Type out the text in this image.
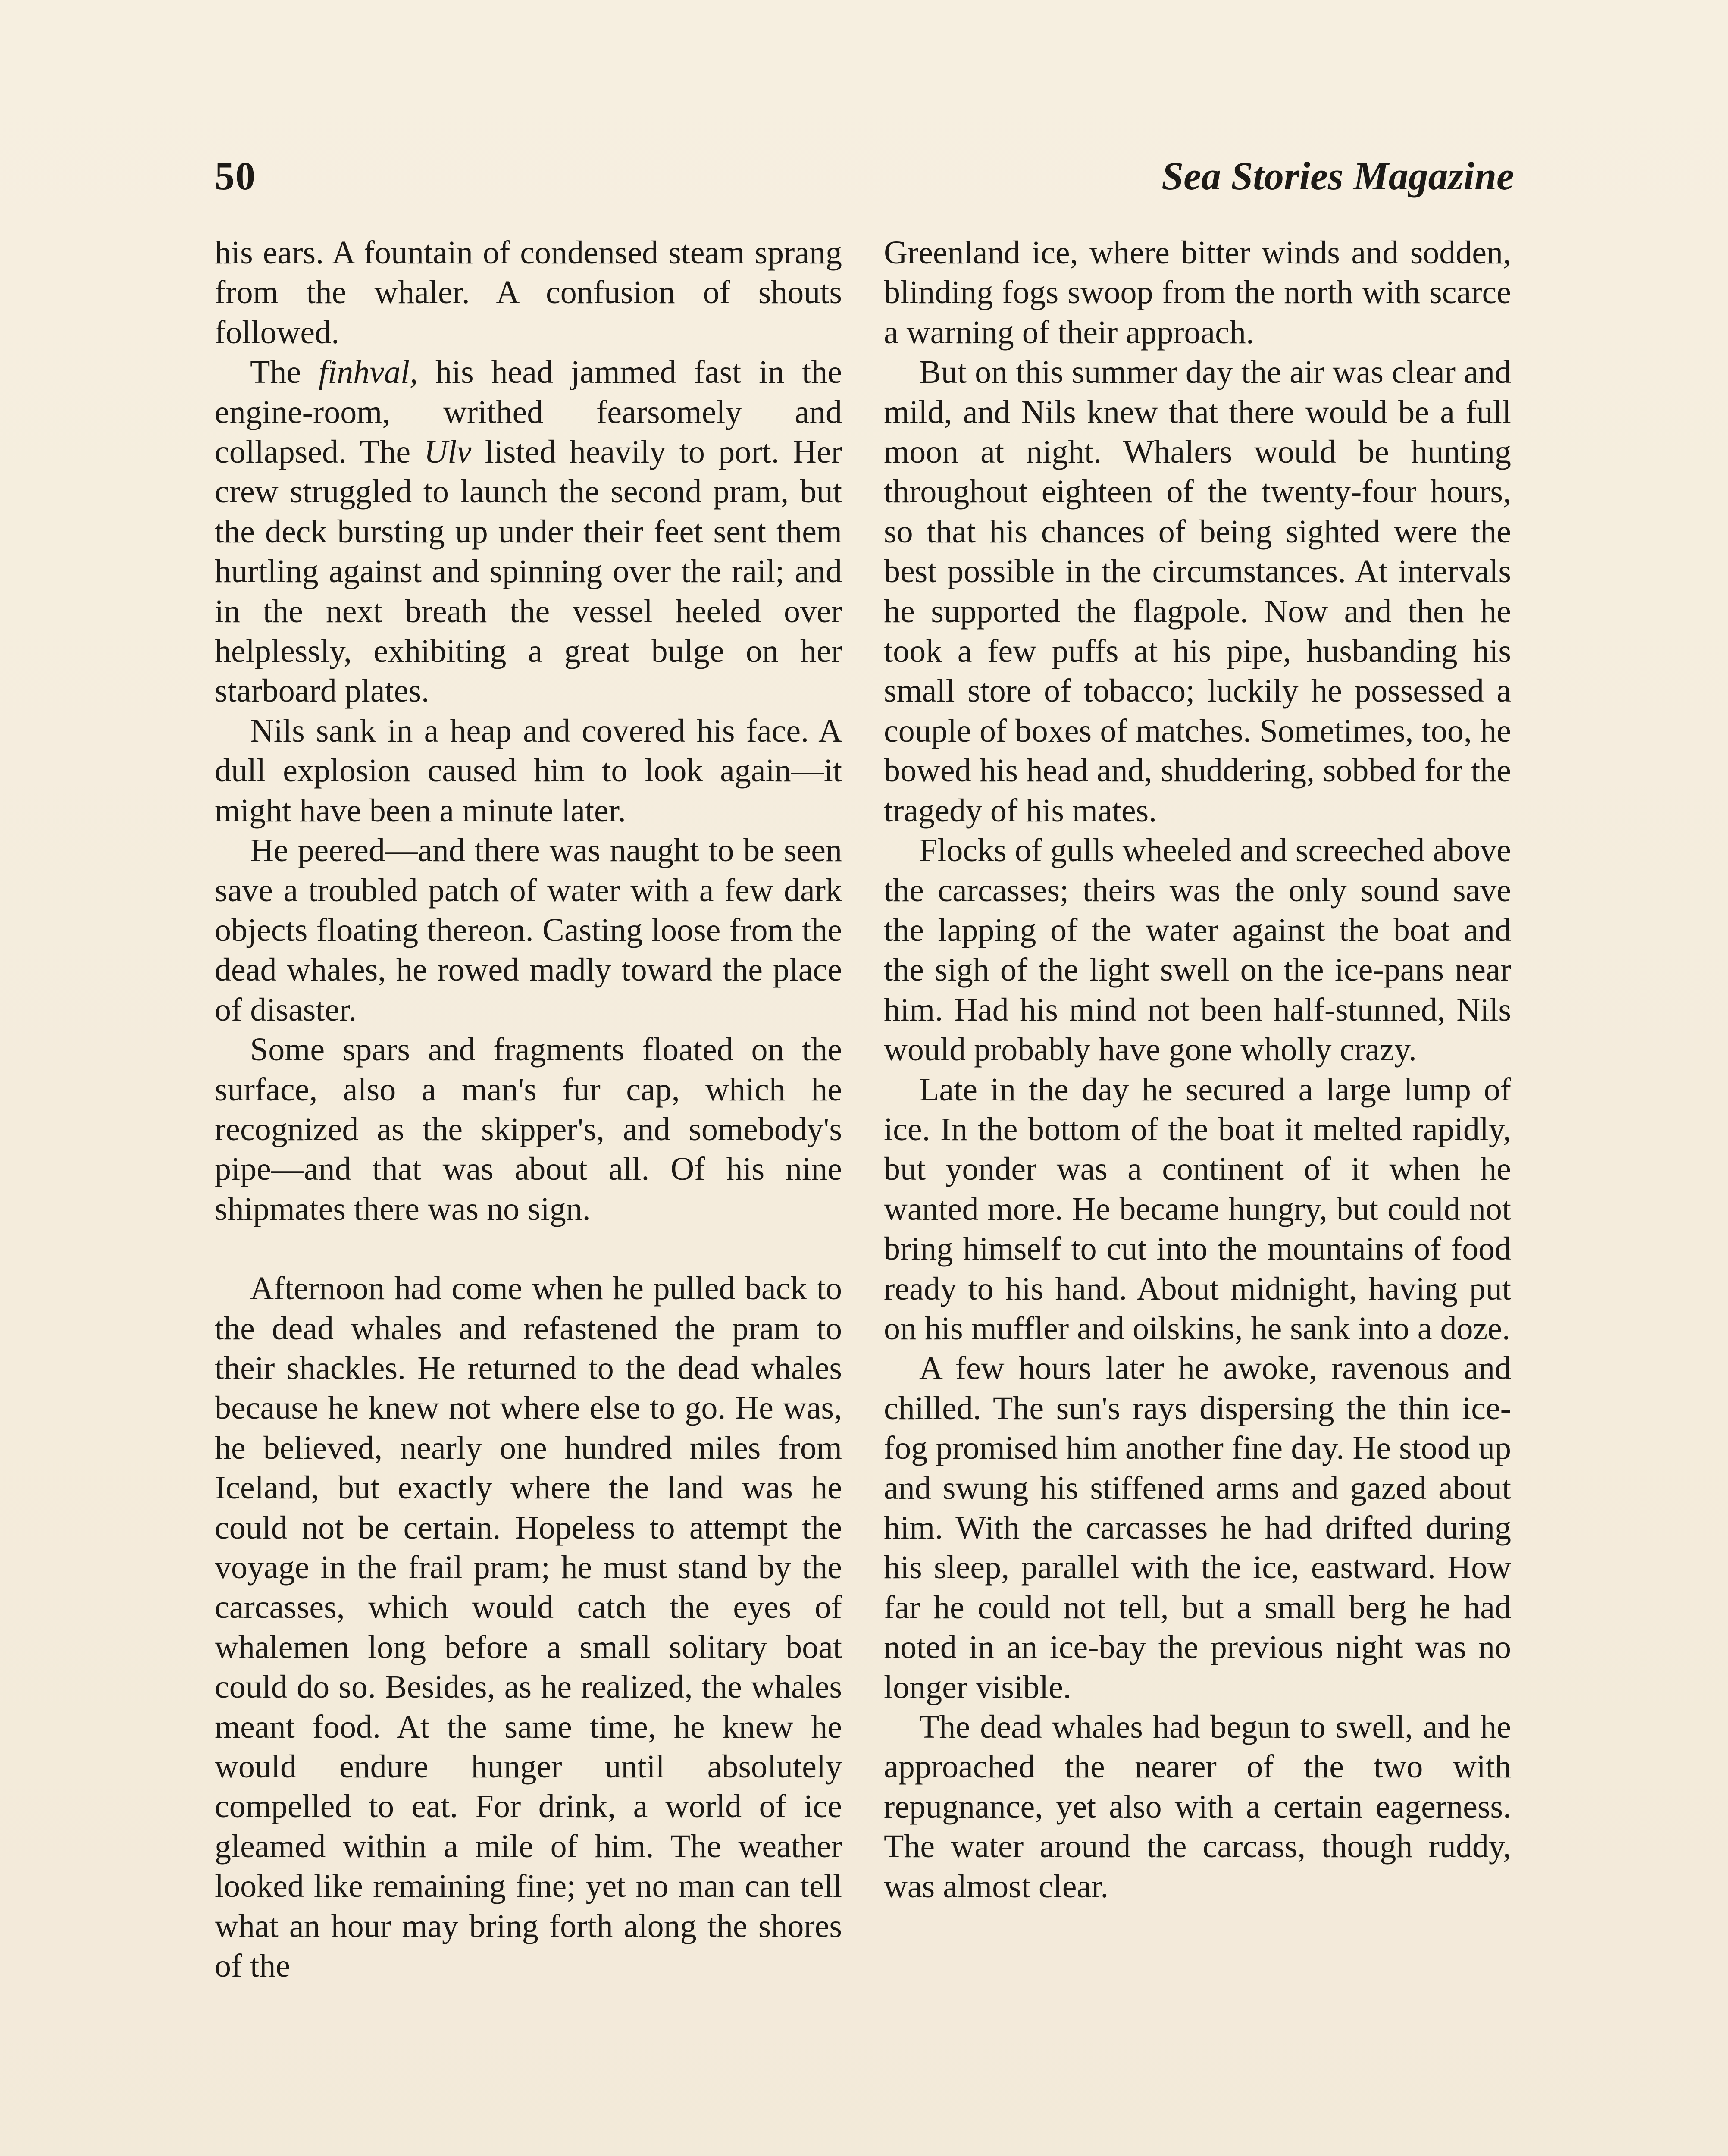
50	Sea Stories Magazine

his ears. A fountain of condensed steam sprang from the whaler. A confusion of shouts followed.

The finhval, his head jammed fast in the engine-room, writhed fearsomely and collapsed. The Ulv listed heavily to port. Her crew struggled to launch the second pram, but the deck bursting up under their feet sent them hurtling against and spinning over the rail; and in the next breath the vessel heeled over helplessly, exhibiting a great bulge on her starboard plates.

Nils sank in a heap and covered his face. A dull explosion caused him to look again—it might have been a minute later.

He peered—and there was naught to be seen save a troubled patch of water with a few dark objects floating thereon. Casting loose from the dead whales, he rowed madly toward the place of disaster.

Some spars and fragments floated on the surface, also a man's fur cap, which he recognized as the skipper's, and somebody's pipe—and that was about all. Of his nine shipmates there was no sign.

Afternoon had come when he pulled back to the dead whales and refastened the pram to their shackles. He returned to the dead whales because he knew not where else to go. He was, he believed, nearly one hundred miles from Iceland, but exactly where the land was he could not be certain. Hopeless to attempt the voyage in the frail pram; he must stand by the carcasses, which would catch the eyes of whalemen long before a small solitary boat could do so. Besides, as he realized, the whales meant food. At the same time, he knew he would endure hunger until absolutely compelled to eat. For drink, a world of ice gleamed within a mile of him. The weather looked like remaining fine; yet no man can tell what an hour may bring forth along the shores of the

Greenland ice, where bitter winds and sodden, blinding fogs swoop from the north with scarce a warning of their approach.

But on this summer day the air was clear and mild, and Nils knew that there would be a full moon at night. Whalers would be hunting throughout eighteen of the twenty-four hours, so that his chances of being sighted were the best possible in the circumstances. At intervals he supported the flagpole. Now and then he took a few puffs at his pipe, husbanding his small store of tobacco; luckily he possessed a couple of boxes of matches. Sometimes, too, he bowed his head and, shuddering, sobbed for the tragedy of his mates.

Flocks of gulls wheeled and screeched above the carcasses; theirs was the only sound save the lapping of the water against the boat and the sigh of the light swell on the ice-pans near him. Had his mind not been half-stunned, Nils would probably have gone wholly crazy.

Late in the day he secured a large lump of ice. In the bottom of the boat it melted rapidly, but yonder was a continent of it when he wanted more. He became hungry, but could not bring himself to cut into the mountains of food ready to his hand. About midnight, having put on his muffler and oilskins, he sank into a doze.

A few hours later he awoke, ravenous and chilled. The sun's rays dispersing the thin ice-fog promised him another fine day. He stood up and swung his stiffened arms and gazed about him. With the carcasses he had drifted during his sleep, parallel with the ice, eastward. How far he could not tell, but a small berg he had noted in an ice-bay the previous night was no longer visible.

The dead whales had begun to swell, and he approached the nearer of the two with repugnance, yet also with a certain eagerness. The water around the carcass, though ruddy, was almost clear.
